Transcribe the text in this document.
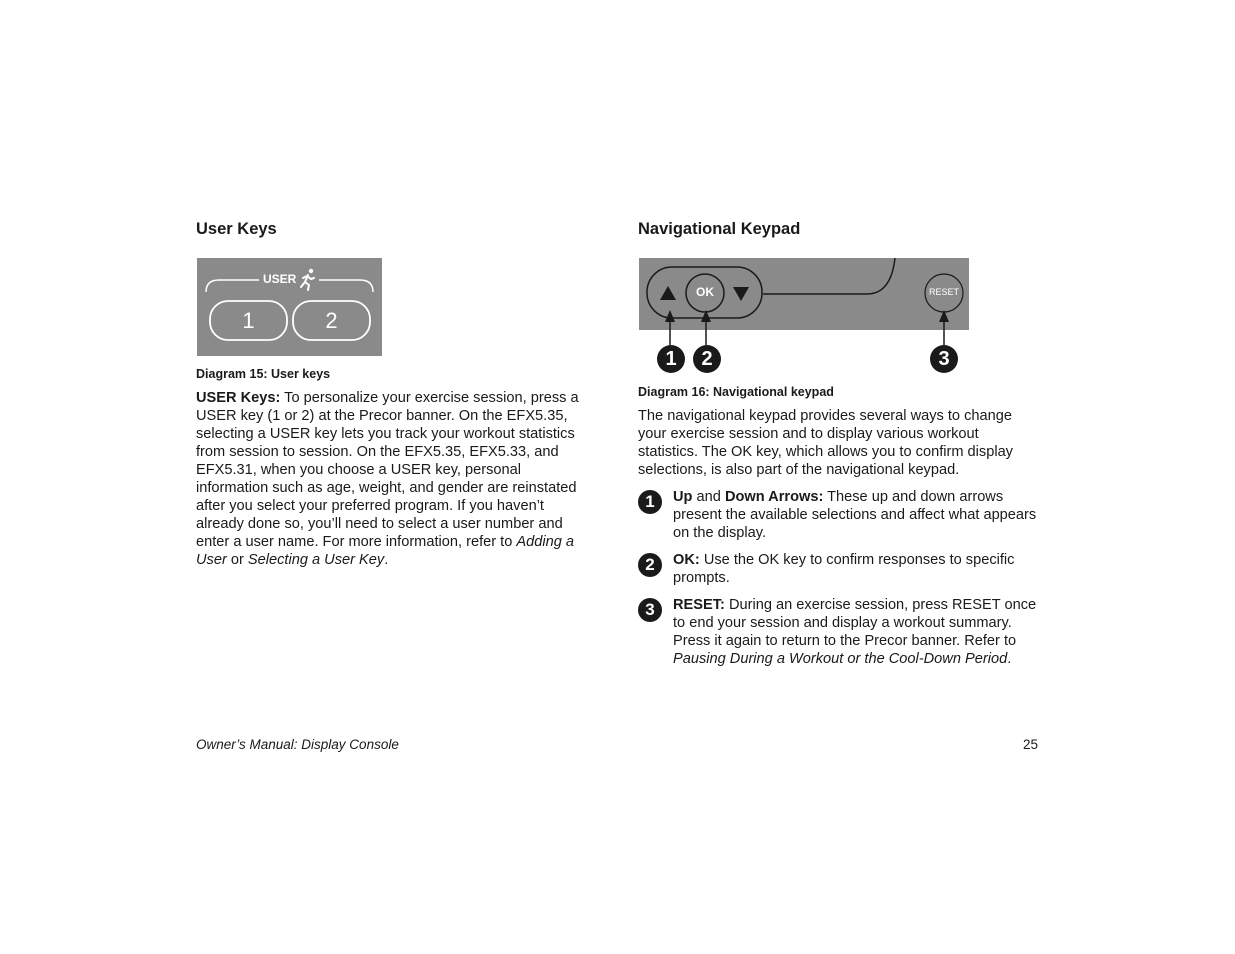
User Keys
USER
1	2
Diagram 15: User keys
USER Keys: To personalize your exercise session, press a USER key (1 or 2) at the Precor banner. On the EFX5.35, selecting a USER key lets you track your workout statistics from session to session. On the EFX5.35, EFX5.33, and EFX5.31, when you choose a USER key, personal information such as age, weight, and gender are reinstated after you select your preferred program. If you haven’t already done so, you’ll need to select a user number and enter a user name. For more information, refer to Adding a User or Selecting a User Key.
Navigational Keypad
OK	RESET
1	2	3
Diagram 16: Navigational keypad
The navigational keypad provides several ways to change your exercise session and to display various workout statistics. The OK key, which allows you to confirm display selections, is also part of the navigational keypad.
1	Up and Down Arrows: These up and down arrows present the available selections and affect what appears on the display.
2	OK: Use the OK key to confirm responses to specific prompts.
3	RESET: During an exercise session, press RESET once to end your session and display a workout summary. Press it again to return to the Precor banner. Refer to Pausing During a Workout or the Cool-Down Period.
Owner’s Manual: Display Console	25
